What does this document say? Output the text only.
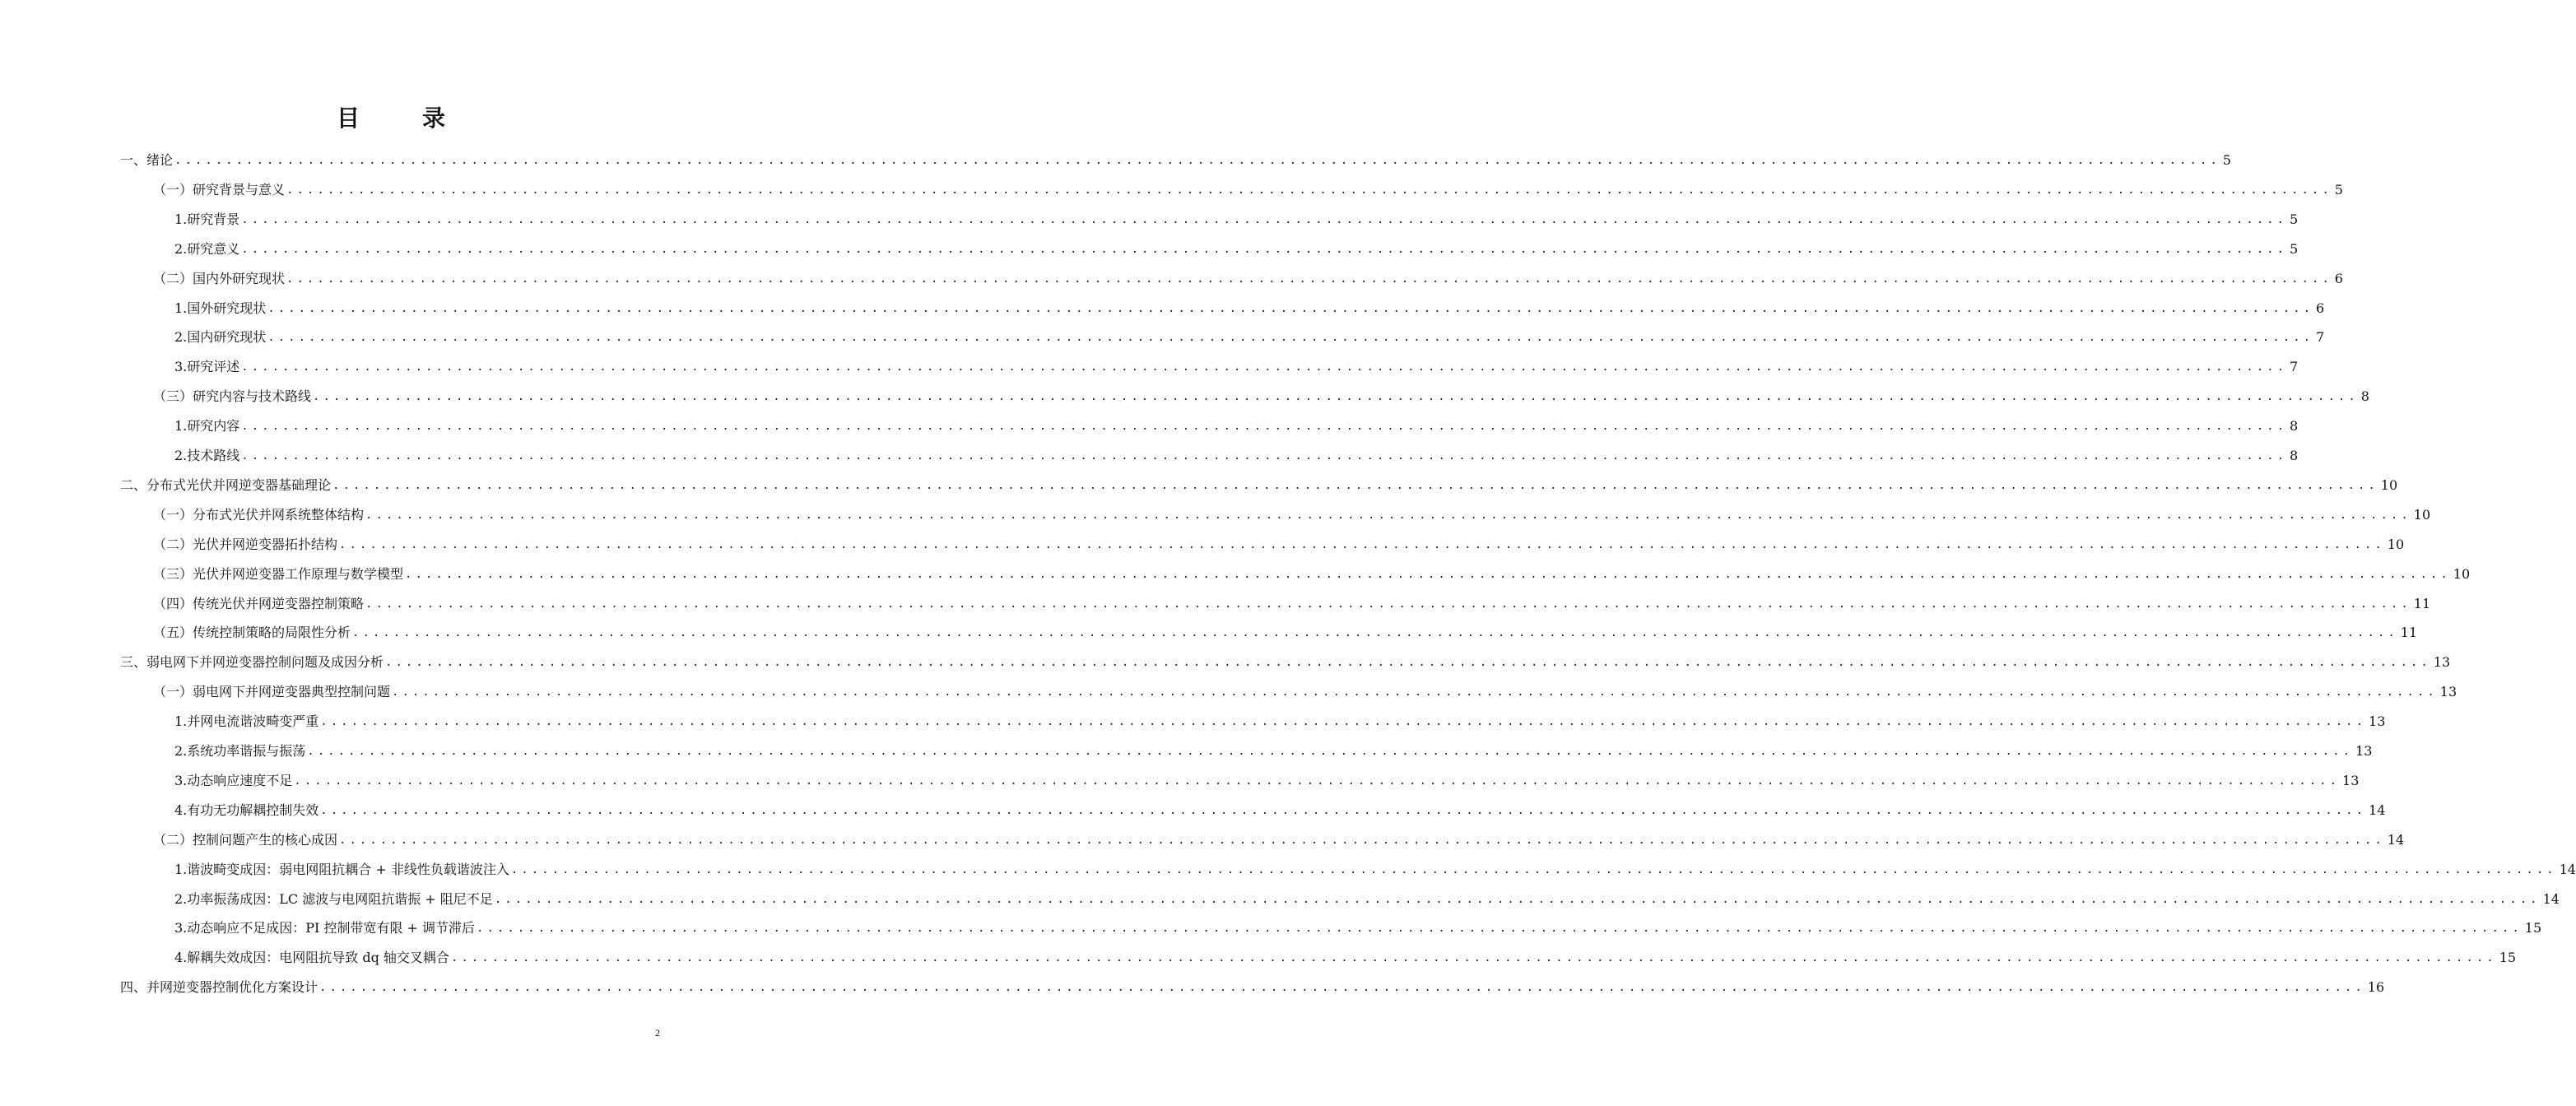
目　录
一、绪论 ........................................................................................................................................................................................................ 5
（一）研究背景与意义 ........................................................................................................................................................................................................ 5
1.研究背景 ........................................................................................................................................................................................................ 5
2.研究意义 ........................................................................................................................................................................................................ 5
（二）国内外研究现状 ........................................................................................................................................................................................................ 6
1.国外研究现状 ........................................................................................................................................................................................................ 6
2.国内研究现状 ........................................................................................................................................................................................................ 7
3.研究评述 ........................................................................................................................................................................................................ 7
（三）研究内容与技术路线 ........................................................................................................................................................................................................ 8
1.研究内容 ........................................................................................................................................................................................................ 8
2.技术路线 ........................................................................................................................................................................................................ 8
二、分布式光伏并网逆变器基础理论 ........................................................................................................................................................................................................ 10
（一）分布式光伏并网系统整体结构 ........................................................................................................................................................................................................ 10
（二）光伏并网逆变器拓扑结构 ........................................................................................................................................................................................................ 10
（三）光伏并网逆变器工作原理与数学模型 ........................................................................................................................................................................................................ 10
（四）传统光伏并网逆变器控制策略 ........................................................................................................................................................................................................ 11
（五）传统控制策略的局限性分析 ........................................................................................................................................................................................................ 11
三、弱电网下并网逆变器控制问题及成因分析 ........................................................................................................................................................................................................ 13
（一）弱电网下并网逆变器典型控制问题 ........................................................................................................................................................................................................ 13
1.并网电流谐波畸变严重 ........................................................................................................................................................................................................ 13
2.系统功率谐振与振荡 ........................................................................................................................................................................................................ 13
3.动态响应速度不足 ........................................................................................................................................................................................................ 13
4.有功无功解耦控制失效 ........................................................................................................................................................................................................ 14
（二）控制问题产生的核心成因 ........................................................................................................................................................................................................ 14
1.谐波畸变成因：弱电网阻抗耦合 + 非线性负载谐波注入 ........................................................................................................................................................................................................ 14
2.功率振荡成因：LC 滤波与电网阻抗谐振 + 阻尼不足 ........................................................................................................................................................................................................ 14
3.动态响应不足成因：PI 控制带宽有限 + 调节滞后 ........................................................................................................................................................................................................ 15
4.解耦失效成因：电网阻抗导致 dq 轴交叉耦合 ........................................................................................................................................................................................................ 15
四、并网逆变器控制优化方案设计 ........................................................................................................................................................................................................ 16
2
